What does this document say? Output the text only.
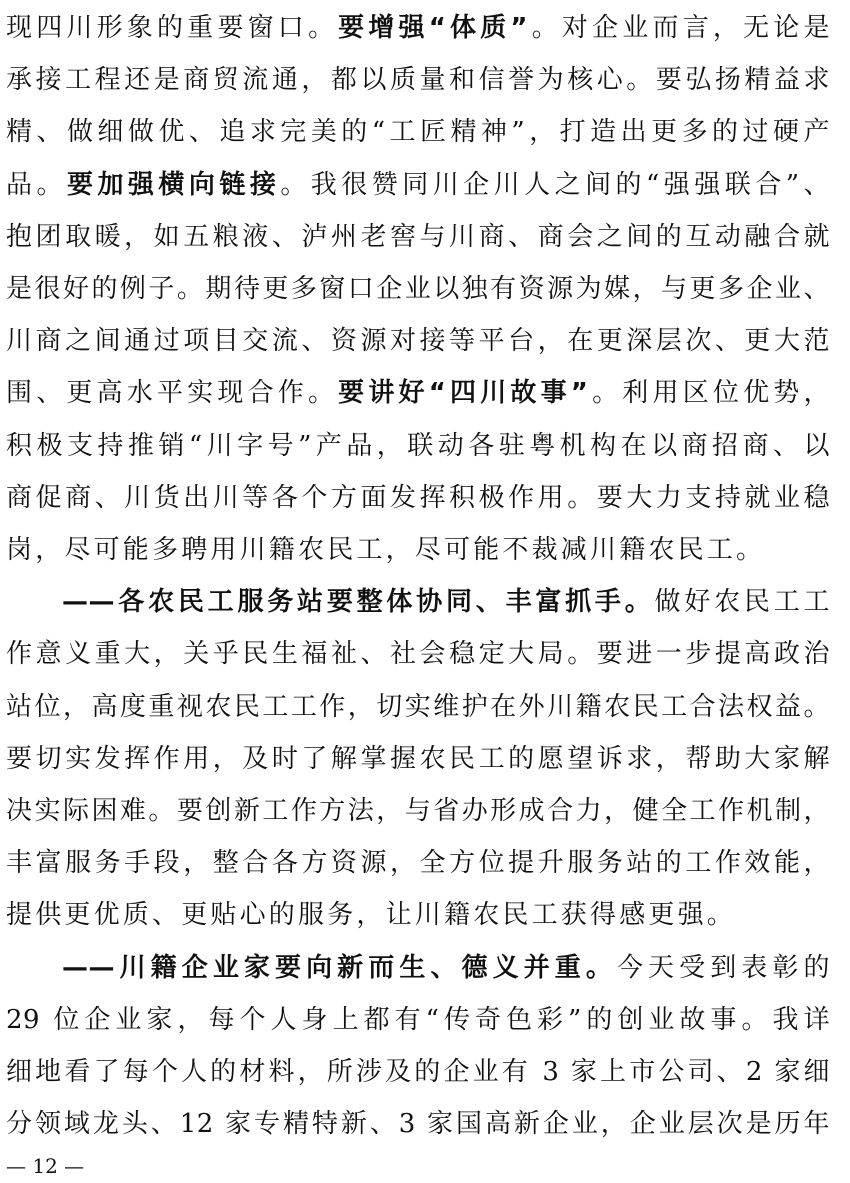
现四川形象的重要窗口。要增强“体质”。对企业而言，无论是
承接工程还是商贸流通，都以质量和信誉为核心。要弘扬精益求
精、做细做优、追求完美的“工匠精神”，打造出更多的过硬产
品。要加强横向链接。我很赞同川企川人之间的“强强联合”、
抱团取暖，如五粮液、泸州老窖与川商、商会之间的互动融合就
是很好的例子。期待更多窗口企业以独有资源为媒，与更多企业、
川商之间通过项目交流、资源对接等平台，在更深层次、更大范
围、更高水平实现合作。要讲好“四川故事”。利用区位优势，
积极支持推销“川字号”产品，联动各驻粤机构在以商招商、以
商促商、川货出川等各个方面发挥积极作用。要大力支持就业稳
岗，尽可能多聘用川籍农民工，尽可能不裁减川籍农民工。
——各农民工服务站要整体协同、丰富抓手。做好农民工工
作意义重大，关乎民生福祉、社会稳定大局。要进一步提高政治
站位，高度重视农民工工作，切实维护在外川籍农民工合法权益。
要切实发挥作用，及时了解掌握农民工的愿望诉求，帮助大家解
决实际困难。要创新工作方法，与省办形成合力，健全工作机制，
丰富服务手段，整合各方资源，全方位提升服务站的工作效能，
提供更优质、更贴心的服务，让川籍农民工获得感更强。
——川籍企业家要向新而生、德义并重。今天受到表彰的
29 位企业家，每个人身上都有“传奇色彩”的创业故事。我详
细地看了每个人的材料，所涉及的企业有 3 家上市公司、2 家细
分领域龙头、12 家专精特新、3 家国高新企业，企业层次是历年
— 12 —
